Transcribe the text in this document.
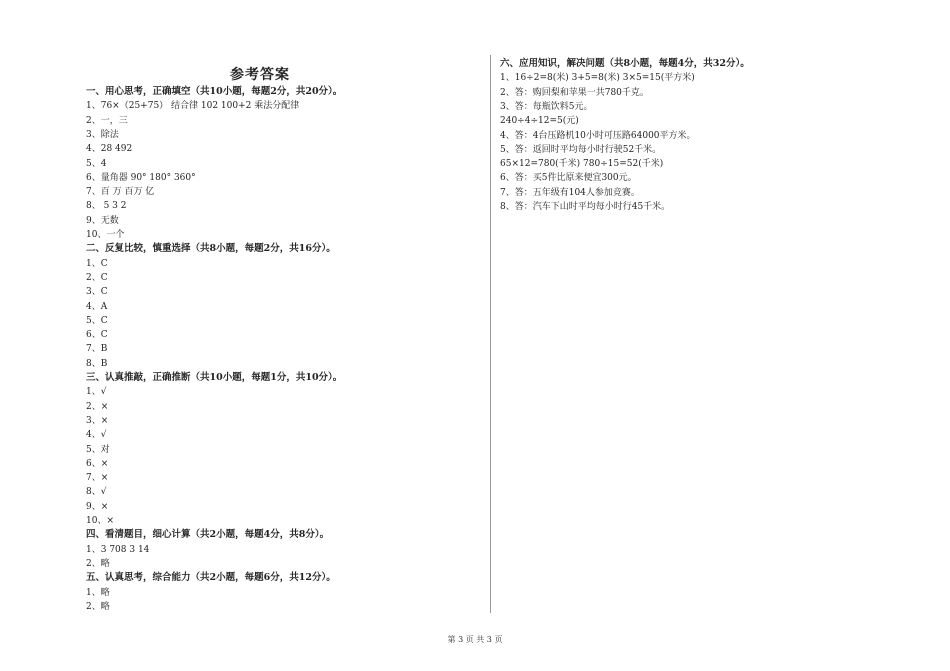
参考答案
一、用心思考，正确填空（共10小题，每题2分，共20分）。
1、76×（25+75） 结合律 102 100+2 乘法分配律
2、一，三
3、除法
4、28 492
5、4
6、量角器 90° 180° 360°
7、百 万 百万 亿
8、 5 3 2
9、无数
10、一个
二、反复比较，慎重选择（共8小题，每题2分，共16分）。
1、C
2、C
3、C
4、A
5、C
6、C
7、B
8、B
三、认真推敲，正确推断（共10小题，每题1分，共10分）。
1、√
2、×
3、×
4、√
5、对
6、×
7、×
8、√
9、×
10、×
四、看清题目，细心计算（共2小题，每题4分，共8分）。
1、3 708 3 14
2、略
五、认真思考，综合能力（共2小题，每题6分，共12分）。
1、略
2、略
六、应用知识，解决问题（共8小题，每题4分，共32分）。
1、16÷2=8(米) 3+5=8(米) 3×5=15(平方米)
2、答：购回梨和苹果一共780千克。
3、答：每瓶饮料5元。
240÷4÷12=5(元)
4、答：4台压路机10小时可压路64000平方米。
5、答：返回时平均每小时行驶52千米。
65×12=780(千米) 780÷15=52(千米)
6、答：买5件比原来便宜300元。
7、答：五年级有104人参加竞赛。
8、答：汽车下山时平均每小时行45千米。
第 3 页 共 3 页
